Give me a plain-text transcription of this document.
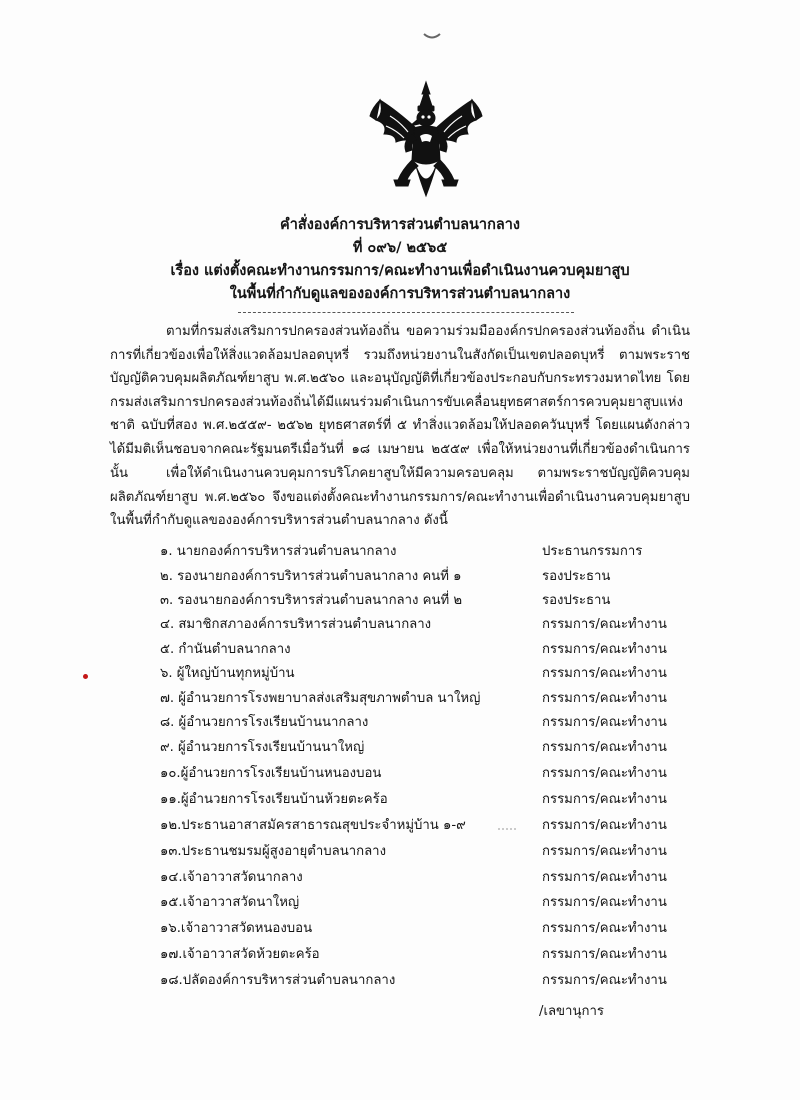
คำสั่งองค์การบริหารส่วนตำบลนากลาง
ที่ ๐๙๖/ ๒๕๖๕
เรื่อง แต่งตั้งคณะทำงานกรรมการ/คณะทำงานเพื่อดำเนินงานควบคุมยาสูบ
ในพื้นที่กำกับดูแลขององค์การบริหารส่วนตำบลนากลาง

ตามที่กรมส่งเสริมการปกครองส่วนท้องถิ่น ขอความร่วมมือองค์กรปกครองส่วนท้องถิ่น ดำเนินการที่เกี่ยวข้องเพื่อให้สิ่งแวดล้อมปลอดบุหรี่ รวมถึงหน่วยงานในสังกัดเป็นเขตปลอดบุหรี่ ตามพระราชบัญญัติควบคุมผลิตภัณฑ์ยาสูบ พ.ศ.๒๕๖๐ และอนุบัญญัติที่เกี่ยวข้องประกอบกับกระทรวงมหาดไทย โดยกรมส่งเสริมการปกครองส่วนท้องถิ่นได้มีแผนร่วมดำเนินการขับเคลื่อนยุทธศาสตร์การควบคุมยาสูบแห่งชาติ ฉบับที่สอง พ.ศ.๒๕๕๙- ๒๕๖๒ ยุทธศาสตร์ที่ ๕ ทำสิ่งแวดล้อมให้ปลอดควันบุหรี่ โดยแผนดังกล่าวได้มีมติเห็นชอบจากคณะรัฐมนตรีเมื่อวันที่ ๑๘ เมษายน ๒๕๕๙ เพื่อให้หน่วยงานที่เกี่ยวข้องดำเนินการ นั้น	เพื่อให้ดำเนินงานควบคุมการบริโภคยาสูบให้มีความครอบคลุม ตามพระราชบัญญัติควบคุมผลิตภัณฑ์ยาสูบ พ.ศ.๒๕๖๐ จึงขอแต่งตั้งคณะทำงานกรรมการ/คณะทำงานเพื่อดำเนินงานควบคุมยาสูบในพื้นที่กำกับดูแลขององค์การบริหารส่วนตำบลนากลาง ดังนี้

๑. นายกองค์การบริหารส่วนตำบลนากลาง	ประธานกรรมการ
๒. รองนายกองค์การบริหารส่วนตำบลนากลาง คนที่ ๑	รองประธาน
๓. รองนายกองค์การบริหารส่วนตำบลนากลาง คนที่ ๒	รองประธาน
๔. สมาชิกสภาองค์การบริหารส่วนตำบลนากลาง	กรรมการ/คณะทำงาน
๕. กำนันตำบลนากลาง	กรรมการ/คณะทำงาน
๖. ผู้ใหญ่บ้านทุกหมู่บ้าน	กรรมการ/คณะทำงาน
๗. ผู้อำนวยการโรงพยาบาลส่งเสริมสุขภาพตำบล นาใหญ่	กรรมการ/คณะทำงาน
๘. ผู้อำนวยการโรงเรียนบ้านนากลาง	กรรมการ/คณะทำงาน
๙. ผู้อำนวยการโรงเรียนบ้านนาใหญ่	กรรมการ/คณะทำงาน
๑๐.ผู้อำนวยการโรงเรียนบ้านหนองบอน	กรรมการ/คณะทำงาน
๑๑.ผู้อำนวยการโรงเรียนบ้านห้วยตะคร้อ	กรรมการ/คณะทำงาน
๑๒.ประธานอาสาสมัครสาธารณสุขประจำหมู่บ้าน ๑-๙	กรรมการ/คณะทำงาน
๑๓.ประธานชมรมผู้สูงอายุตำบลนากลาง	กรรมการ/คณะทำงาน
๑๔.เจ้าอาวาสวัดนากลาง	กรรมการ/คณะทำงาน
๑๕.เจ้าอาวาสวัดนาใหญ่	กรรมการ/คณะทำงาน
๑๖.เจ้าอาวาสวัดหนองบอน	กรรมการ/คณะทำงาน
๑๗.เจ้าอาวาสวัดห้วยตะคร้อ	กรรมการ/คณะทำงาน
๑๘.ปลัดองค์การบริหารส่วนตำบลนากลาง	กรรมการ/คณะทำงาน
/เลขานุการ
